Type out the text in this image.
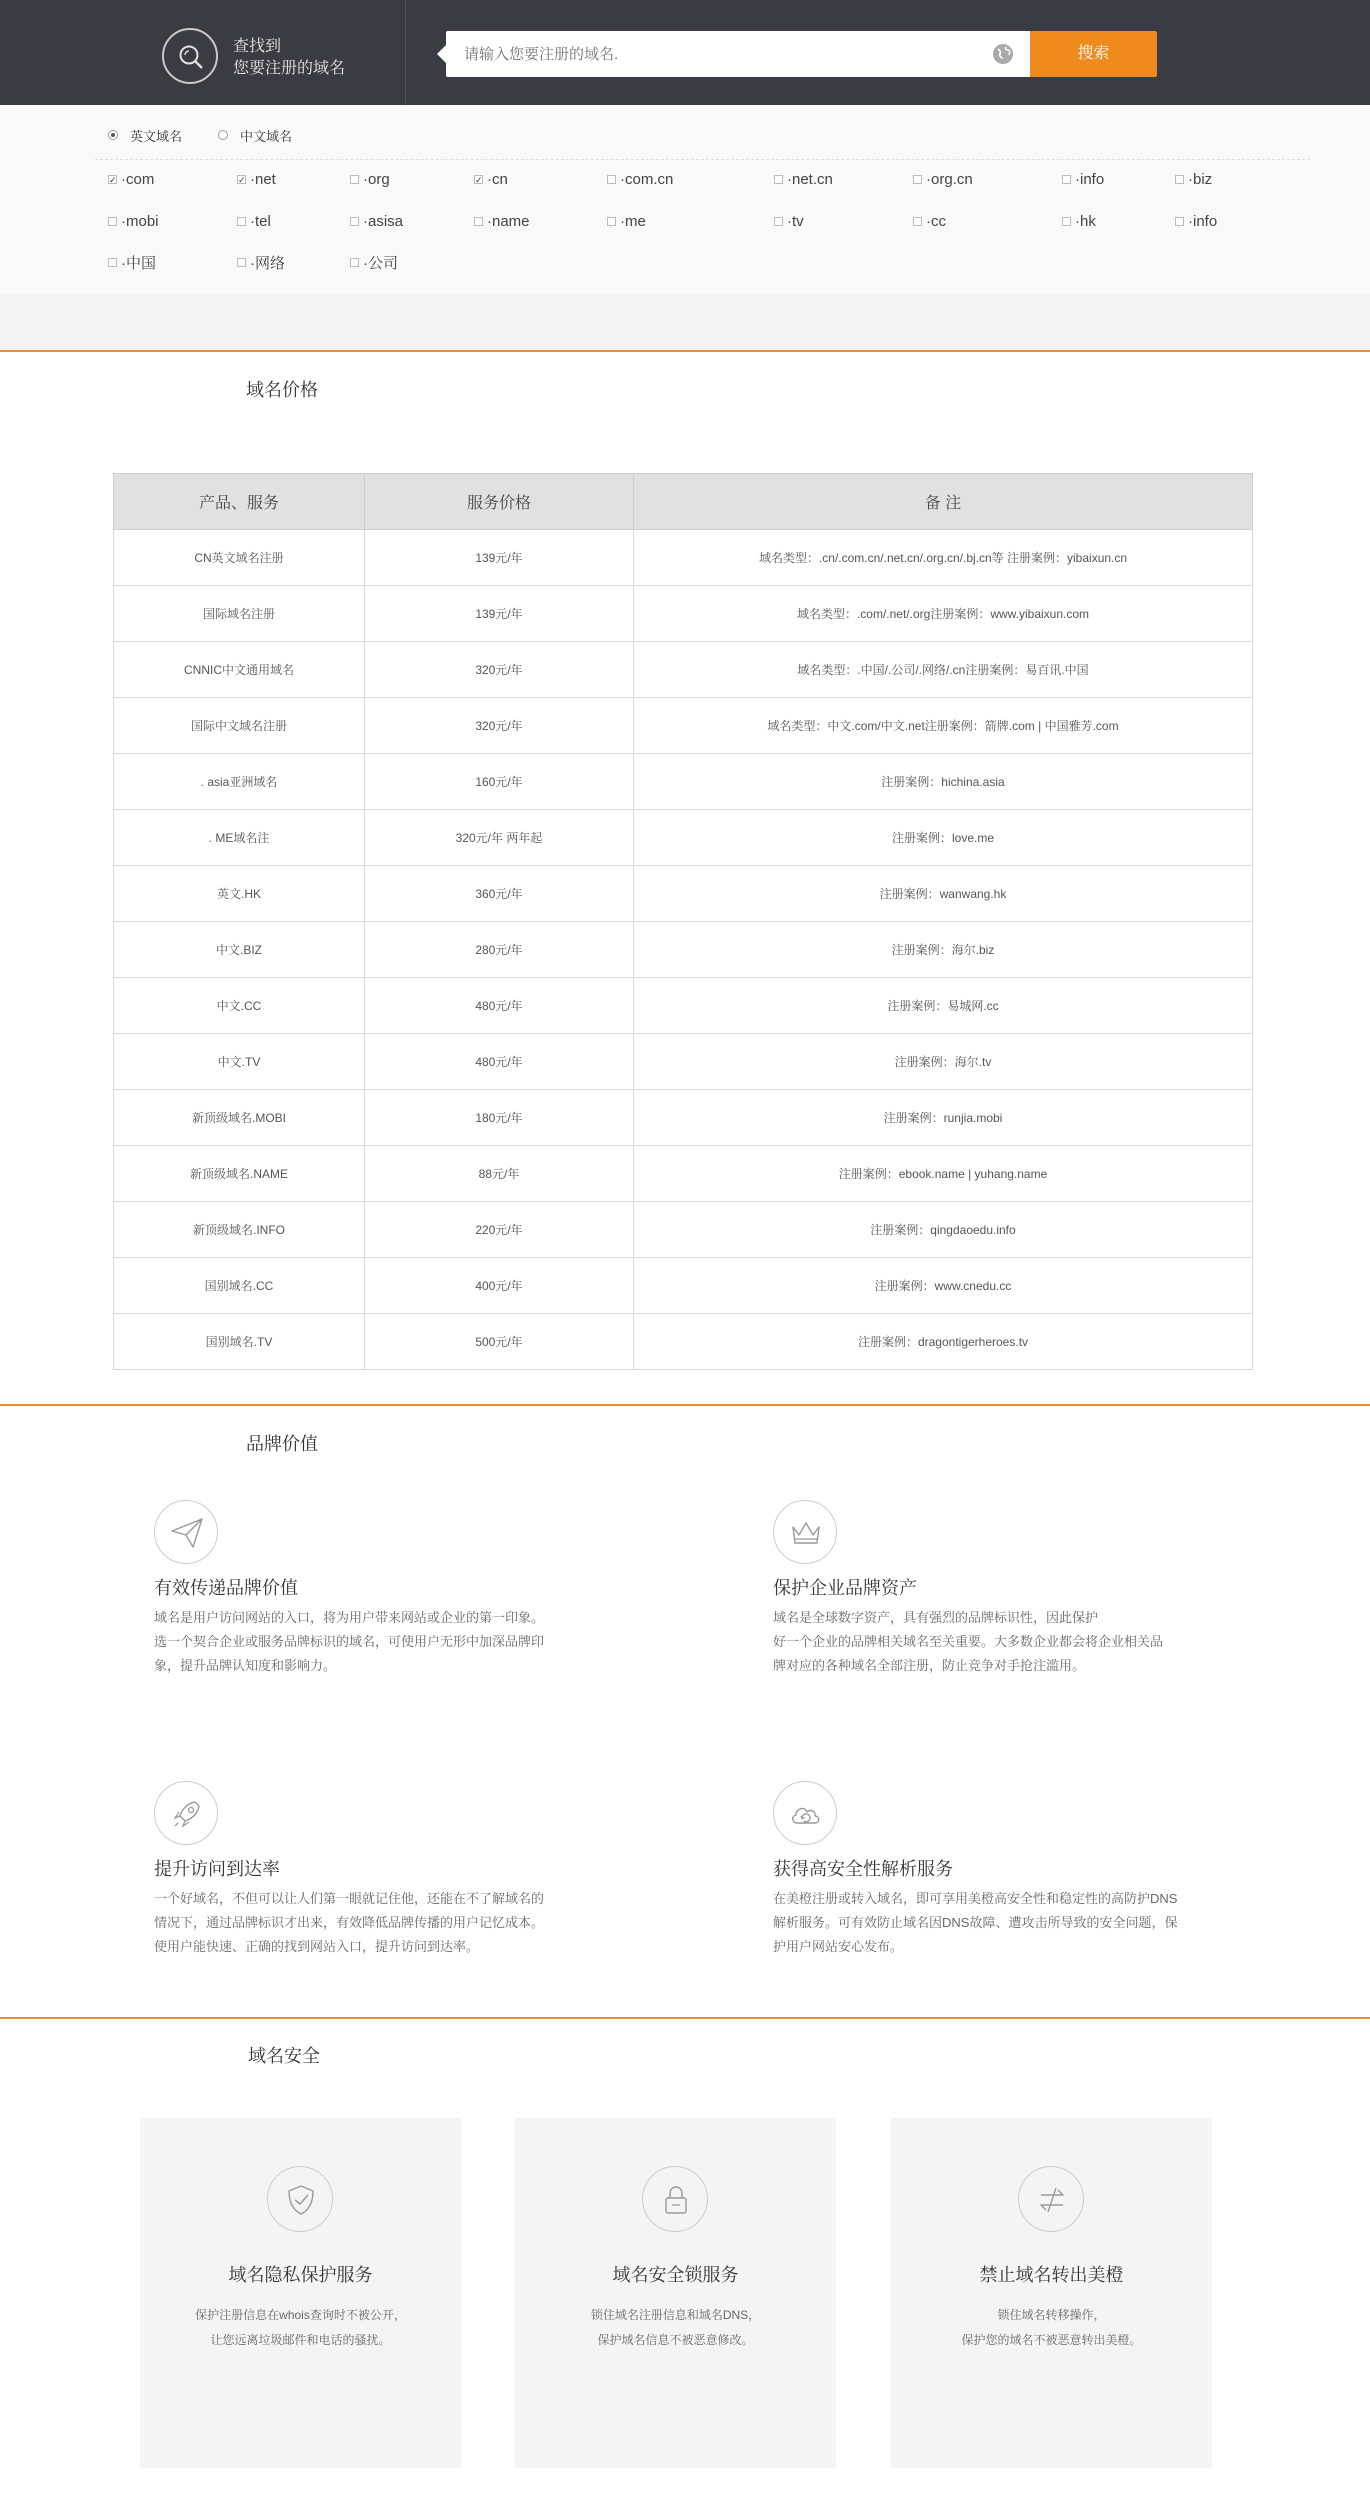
查找到
您要注册的域名
请输入您要注册的域名.
搜索
英文域名	中文域名
✓ ·com	✓ ·net	·org	✓ ·cn	·com.cn	·net.cn	·org.cn	·info	·biz
·mobi	·tel	·asisa	·name	·me	·tv	·cc	·hk	·info
·中国	·网络	·公司
域名价格
产品、服务	服务价格	备 注
CN英文域名注册	139元/年	域名类型：.cn/.com.cn/.net.cn/.org.cn/.bj.cn等 注册案例：yibaixun.cn
国际域名注册	139元/年	域名类型：.com/.net/.org注册案例：www.yibaixun.com
CNNIC中文通用域名	320元/年	域名类型：.中国/.公司/.网络/.cn注册案例：易百讯.中国
国际中文域名注册	320元/年	域名类型：中文.com/中文.net注册案例：箭牌.com | 中国雅芳.com
. asia亚洲域名	160元/年	注册案例：hichina.asia
. ME域名注	320元/年 两年起	注册案例：love.me
英文.HK	360元/年	注册案例：wanwang.hk
中文.BIZ	280元/年	注册案例：海尔.biz
中文.CC	480元/年	注册案例：易城网.cc
中文.TV	480元/年	注册案例：海尔.tv
新顶级域名.MOBI	180元/年	注册案例：runjia.mobi
新顶级域名.NAME	88元/年	注册案例：ebook.name | yuhang.name
新顶级域名.INFO	220元/年	注册案例：qingdaoedu.info
国别域名.CC	400元/年	注册案例：www.cnedu.cc
国别域名.TV	500元/年	注册案例：dragontigerheroes.tv
品牌价值
有效传递品牌价值

域名是用户访问网站的入口，将为用户带来网站或企业的第一印象。
选一个契合企业或服务品牌标识的域名，可使用户无形中加深品牌印
象，提升品牌认知度和影响力。

保护企业品牌资产

域名是全球数字资产，具有强烈的品牌标识性，因此保护
好一个企业的品牌相关域名至关重要。大多数企业都会将企业相关品
牌对应的各种域名全部注册，防止竞争对手抢注滥用。

提升访问到达率

一个好域名，不但可以让人们第一眼就记住他，还能在不了解域名的
情况下，通过品牌标识才出来，有效降低品牌传播的用户记忆成本。
使用户能快速、正确的找到网站入口，提升访问到达率。

获得高安全性解析服务

在美橙注册或转入域名，即可享用美橙高安全性和稳定性的高防护DNS
解析服务。可有效防止域名因DNS故障、遭攻击所导致的安全问题，保
护用户网站安心发布。

域名安全
域名隐私保护服务

保护注册信息在whois查询时不被公开，
让您远离垃圾邮件和电话的骚扰。

域名安全锁服务

锁住域名注册信息和域名DNS，
保护域名信息不被恶意修改。

禁止域名转出美橙

锁住域名转移操作，
保护您的域名不被恶意转出美橙。
